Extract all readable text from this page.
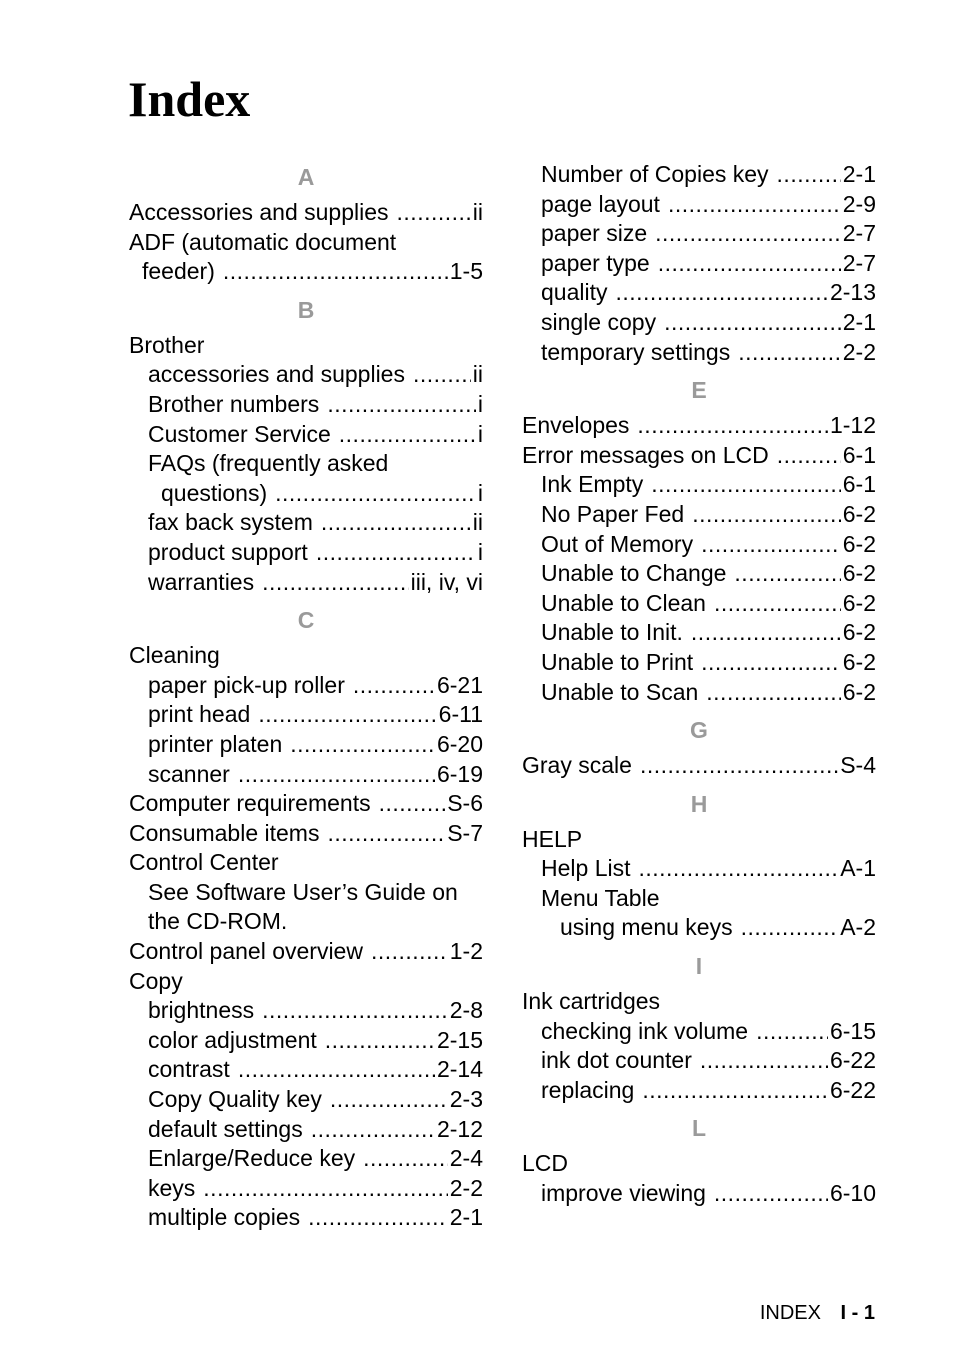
Index
A
Accessories and supplies .....	ii
ADF (automatic document
feeder) .....	1-5
B
Brother
accessories and supplies .....	ii
Brother numbers .....	i
Customer Service .....	i
FAQs (frequently asked
questions) .....	i
fax back system .....	ii
product support .....	i
warranties .....	iii, iv, vi
C
Cleaning
paper pick-up roller .....	6-21
print head .....	6-11
printer platen .....	6-20
scanner .....	6-19
Computer requirements .....	S-6
Consumable items .....	S-7
Control Center
See Software User’s Guide on
the CD-ROM.
Control panel overview .....	1-2
Copy
brightness .....	2-8
color adjustment .....	2-15
contrast .....	2-14
Copy Quality key .....	2-3
default settings .....	2-12
Enlarge/Reduce key .....	2-4
keys .....	2-2
multiple copies .....	2-1
Number of Copies key .....	2-1
page layout .....	2-9
paper size .....	2-7
paper type .....	2-7
quality .....	2-13
single copy .....	2-1
temporary settings .....	2-2
E
Envelopes .....	1-12
Error messages on LCD .....	6-1
Ink Empty .....	6-1
No Paper Fed .....	6-2
Out of Memory .....	6-2
Unable to Change .....	6-2
Unable to Clean .....	6-2
Unable to Init. .....	6-2
Unable to Print .....	6-2
Unable to Scan .....	6-2
G
Gray scale .....	S-4
H
HELP
Help List .....	A-1
Menu Table
using menu keys .....	A-2
I
Ink cartridges
checking ink volume .....	6-15
ink dot counter .....	6-22
replacing .....	6-22
L
LCD
improve viewing .....	6-10
INDEX I - 1
